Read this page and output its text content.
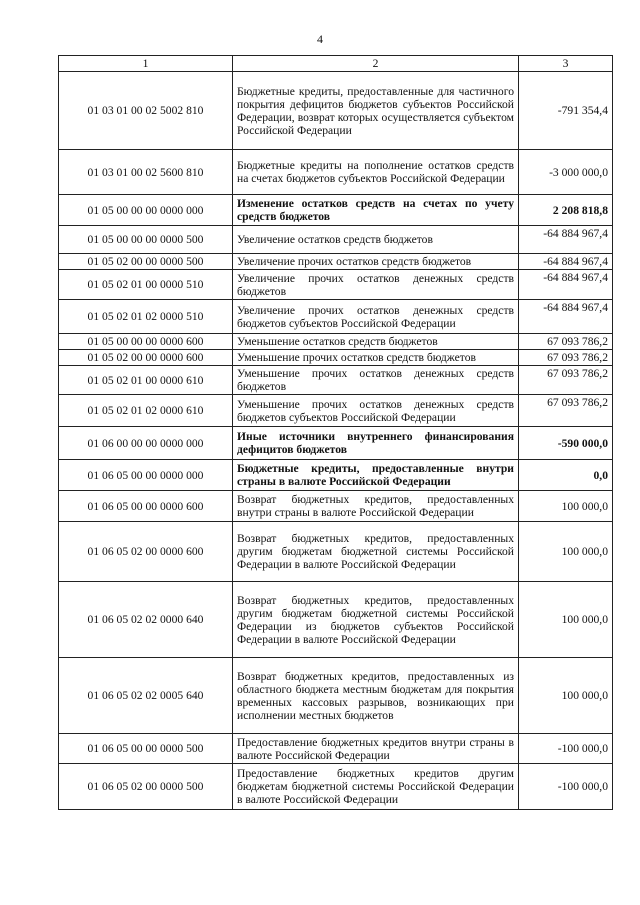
4
1	2	3
01 03 01 00 02 5002 810	Бюджетные кредиты, предоставленные для частичного покрытия дефицитов бюджетов субъектов Российской Федерации, возврат которых осуществляется субъектом Российской Федерации	-791 354,4
01 03 01 00 02 5600 810	Бюджетные кредиты на пополнение остатков средств на счетах бюджетов субъектов Российской Федерации	-3 000 000,0
01 05 00 00 00 0000 000	Изменение остатков средств на счетах по учету средств бюджетов	2 208 818,8
01 05 00 00 00 0000 500	Увеличение остатков средств бюджетов	-64 884 967,4
01 05 02 00 00 0000 500	Увеличение прочих остатков средств бюджетов	-64 884 967,4
01 05 02 01 00 0000 510	Увеличение прочих остатков денежных средств бюджетов	-64 884 967,4
01 05 02 01 02 0000 510	Увеличение прочих остатков денежных средств бюджетов субъектов Российской Федерации	-64 884 967,4
01 05 00 00 00 0000 600	Уменьшение остатков средств бюджетов	67 093 786,2
01 05 02 00 00 0000 600	Уменьшение прочих остатков средств бюджетов	67 093 786,2
01 05 02 01 00 0000 610	Уменьшение прочих остатков денежных средств бюджетов	67 093 786,2
01 05 02 01 02 0000 610	Уменьшение прочих остатков денежных средств бюджетов субъектов Российской Федерации	67 093 786,2
01 06 00 00 00 0000 000	Иные источники внутреннего финансирования дефицитов бюджетов	-590 000,0
01 06 05 00 00 0000 000	Бюджетные кредиты, предоставленные внутри страны в валюте Российской Федерации	0,0
01 06 05 00 00 0000 600	Возврат бюджетных кредитов, предоставленных внутри страны в валюте Российской Федерации	100 000,0
01 06 05 02 00 0000 600	Возврат бюджетных кредитов, предоставленных другим бюджетам бюджетной системы Российской Федерации в валюте Российской Федерации	100 000,0
01 06 05 02 02 0000 640	Возврат бюджетных кредитов, предоставленных другим бюджетам бюджетной системы Российской Федерации из бюджетов субъектов Российской Федерации в валюте Российской Федерации	100 000,0
01 06 05 02 02 0005 640	Возврат бюджетных кредитов, предоставленных из областного бюджета местным бюджетам для покрытия временных кассовых разрывов, возникающих при исполнении местных бюджетов	100 000,0
01 06 05 00 00 0000 500	Предоставление бюджетных кредитов внутри страны в валюте Российской Федерации	-100 000,0
01 06 05 02 00 0000 500	Предоставление бюджетных кредитов другим бюджетам бюджетной системы Российской Федерации в валюте Российской Федерации	-100 000,0
